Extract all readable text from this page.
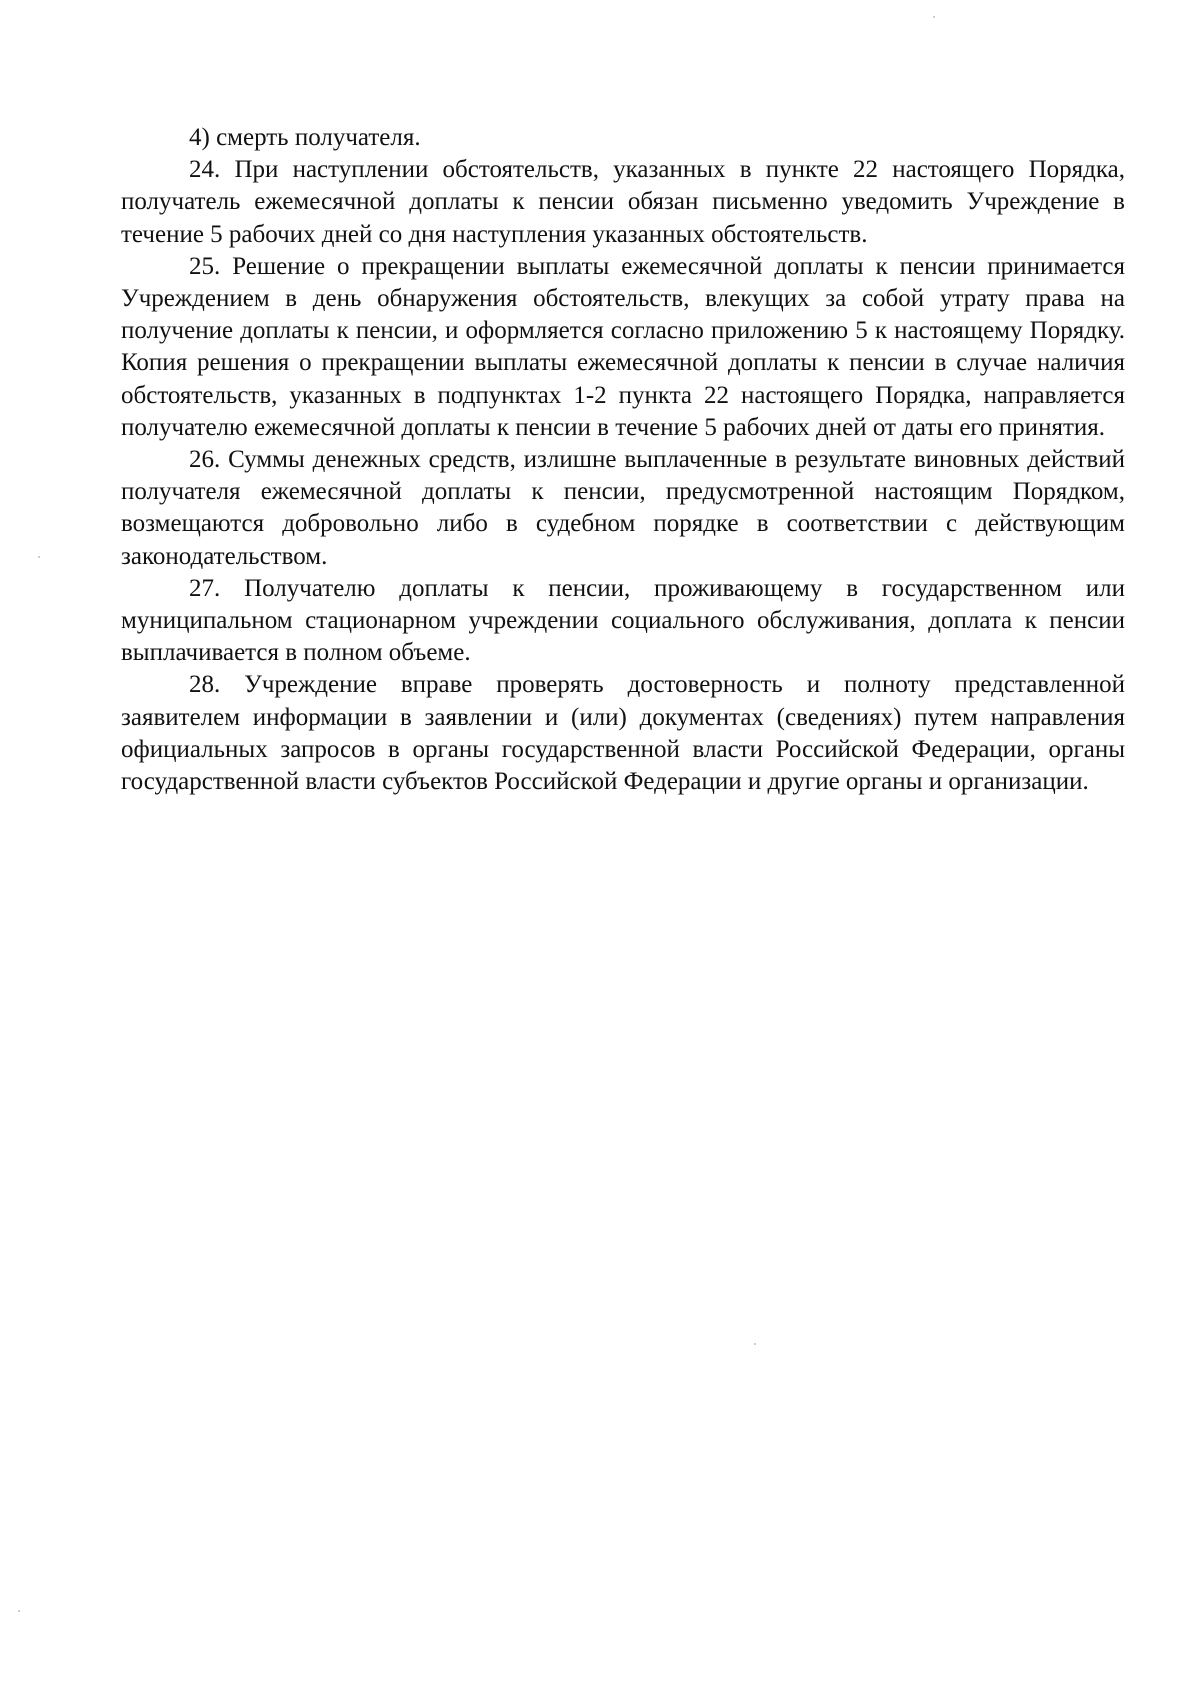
4) смерть получателя.

24. При наступлении обстоятельств, указанных в пункте 22 настоящего Порядка, получатель ежемесячной доплаты к пенсии обязан письменно уведомить Учреждение в течение 5 рабочих дней со дня наступления указанных обстоятельств.

25. Решение о прекращении выплаты ежемесячной доплаты к пенсии принимается Учреждением в день обнаружения обстоятельств, влекущих за собой утрату права на получение доплаты к пенсии, и оформляется согласно приложению 5 к настоящему Порядку. Копия решения о прекращении выплаты ежемесячной доплаты к пенсии в случае наличия обстоятельств, указанных в подпунктах 1-2 пункта 22 настоящего Порядка, направляется получателю ежемесячной доплаты к пенсии в течение 5 рабочих дней от даты его принятия.

26. Суммы денежных средств, излишне выплаченные в результате виновных действий получателя ежемесячной доплаты к пенсии, предусмотренной настоящим Порядком, возмещаются добровольно либо в судебном порядке в соответствии с действующим законодательством.

27. Получателю доплаты к пенсии, проживающему в государственном или муниципальном стационарном учреждении социального обслуживания, доплата к пенсии выплачивается в полном объеме.

28. Учреждение вправе проверять достоверность и полноту представленной заявителем информации в заявлении и (или) документах (сведениях) путем направления официальных запросов в органы государственной власти Российской Федерации, органы государственной власти субъектов Российской Федерации и другие органы и организации.
